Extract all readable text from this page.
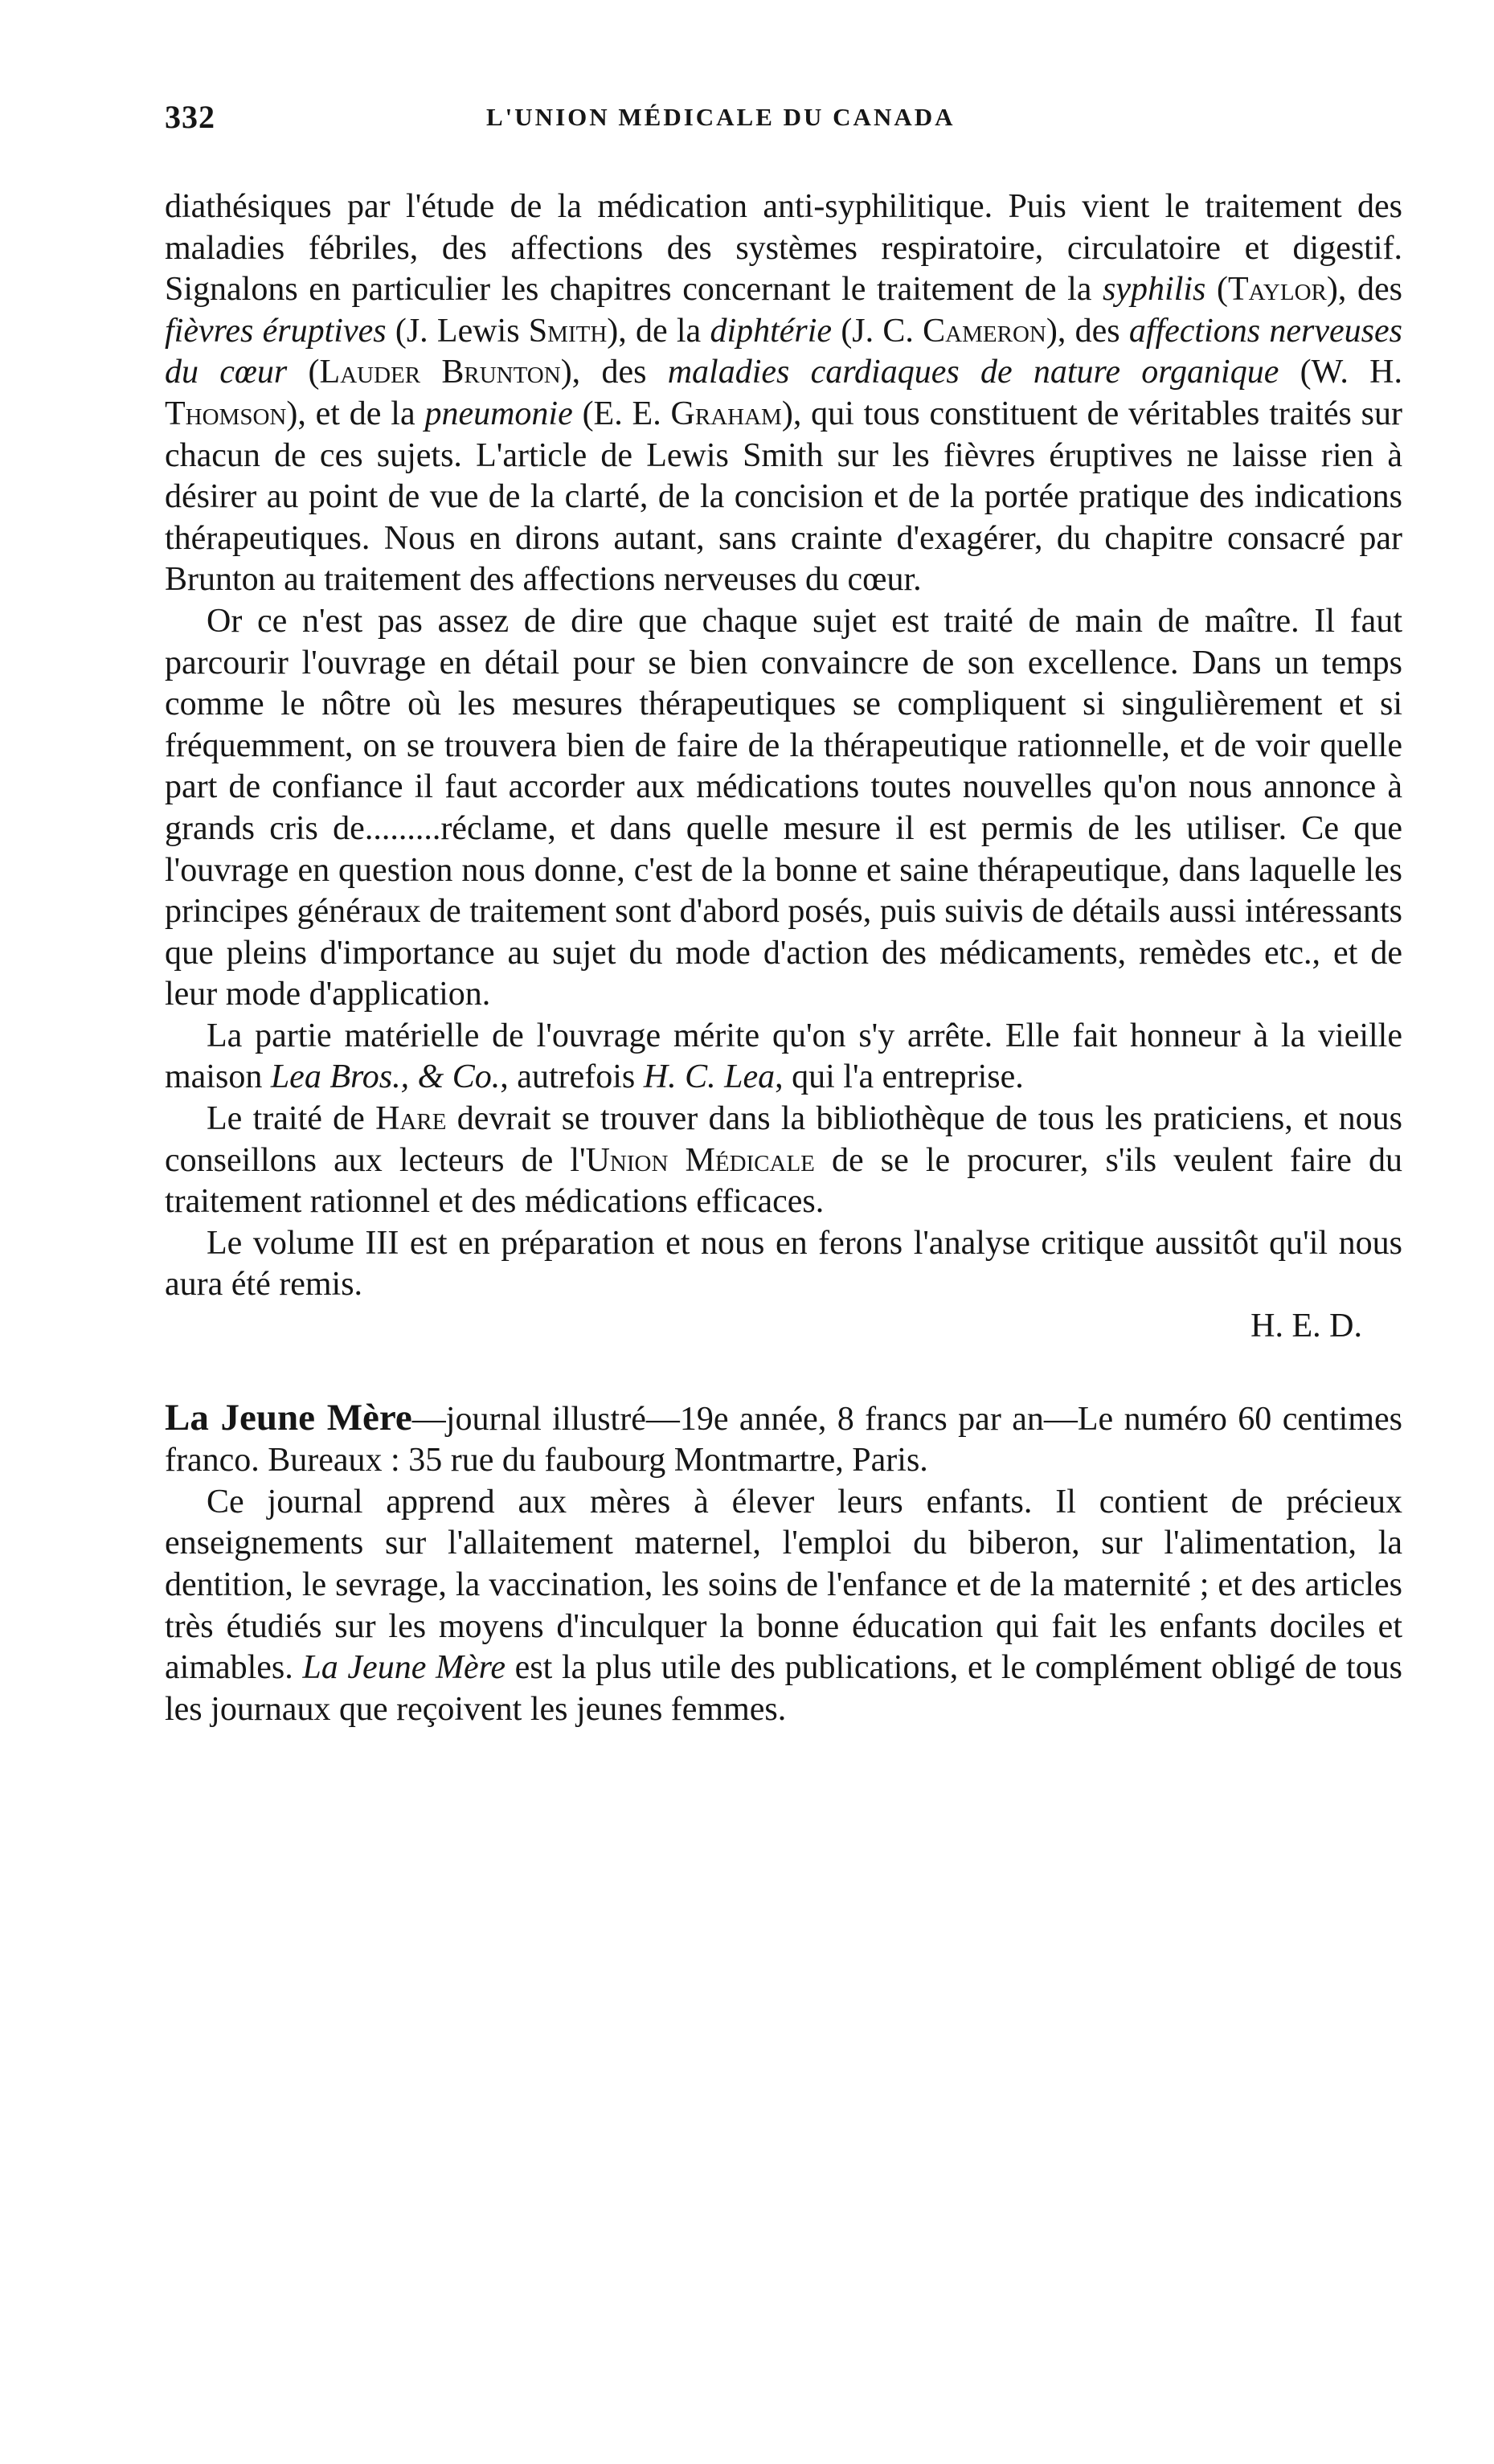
332	L'UNION MÉDICALE DU CANADA

diathésiques par l'étude de la médication anti-syphilitique. Puis vient le traitement des maladies fébriles, des affections des systèmes respiratoire, circulatoire et digestif. Signalons en particulier les chapitres concernant le traitement de la syphilis (Taylor), des fièvres éruptives (J. Lewis Smith), de la diphtérie (J. C. Cameron), des affections nerveuses du cœur (Lauder Brunton), des maladies cardiaques de nature organique (W. H. Thomson), et de la pneumonie (E. E. Graham), qui tous constituent de véritables traités sur chacun de ces sujets. L'article de Lewis Smith sur les fièvres éruptives ne laisse rien à désirer au point de vue de la clarté, de la concision et de la portée pratique des indications thérapeutiques. Nous en dirons autant, sans crainte d'exagérer, du chapitre consacré par Brunton au traitement des affections nerveuses du cœur.

Or ce n'est pas assez de dire que chaque sujet est traité de main de maître. Il faut parcourir l'ouvrage en détail pour se bien convaincre de son excellence. Dans un temps comme le nôtre où les mesures thérapeutiques se compliquent si singulièrement et si fréquemment, on se trouvera bien de faire de la thérapeutique rationnelle, et de voir quelle part de confiance il faut accorder aux médications toutes nouvelles qu'on nous annonce à grands cris de.........réclame, et dans quelle mesure il est permis de les utiliser. Ce que l'ouvrage en question nous donne, c'est de la bonne et saine thérapeutique, dans laquelle les principes généraux de traitement sont d'abord posés, puis suivis de détails aussi intéressants que pleins d'importance au sujet du mode d'action des médicaments, remèdes etc., et de leur mode d'application.

La partie matérielle de l'ouvrage mérite qu'on s'y arrête. Elle fait honneur à la vieille maison Lea Bros., & Co., autrefois H. C. Lea, qui l'a entreprise.

Le traité de Hare devrait se trouver dans la bibliothèque de tous les praticiens, et nous conseillons aux lecteurs de l'Union Médicale de se le procurer, s'ils veulent faire du traitement rationnel et des médications efficaces.

Le volume III est en préparation et nous en ferons l'analyse critique aussitôt qu'il nous aura été remis.
H. E. D.

La Jeune Mère—journal illustré—19e année, 8 francs par an—Le numéro 60 centimes franco. Bureaux : 35 rue du faubourg Montmartre, Paris.

Ce journal apprend aux mères à élever leurs enfants. Il contient de précieux enseignements sur l'allaitement maternel, l'emploi du biberon, sur l'alimentation, la dentition, le sevrage, la vaccination, les soins de l'enfance et de la maternité ; et des articles très étudiés sur les moyens d'inculquer la bonne éducation qui fait les enfants dociles et aimables. La Jeune Mère est la plus utile des publications, et le complément obligé de tous les journaux que reçoivent les jeunes femmes.
